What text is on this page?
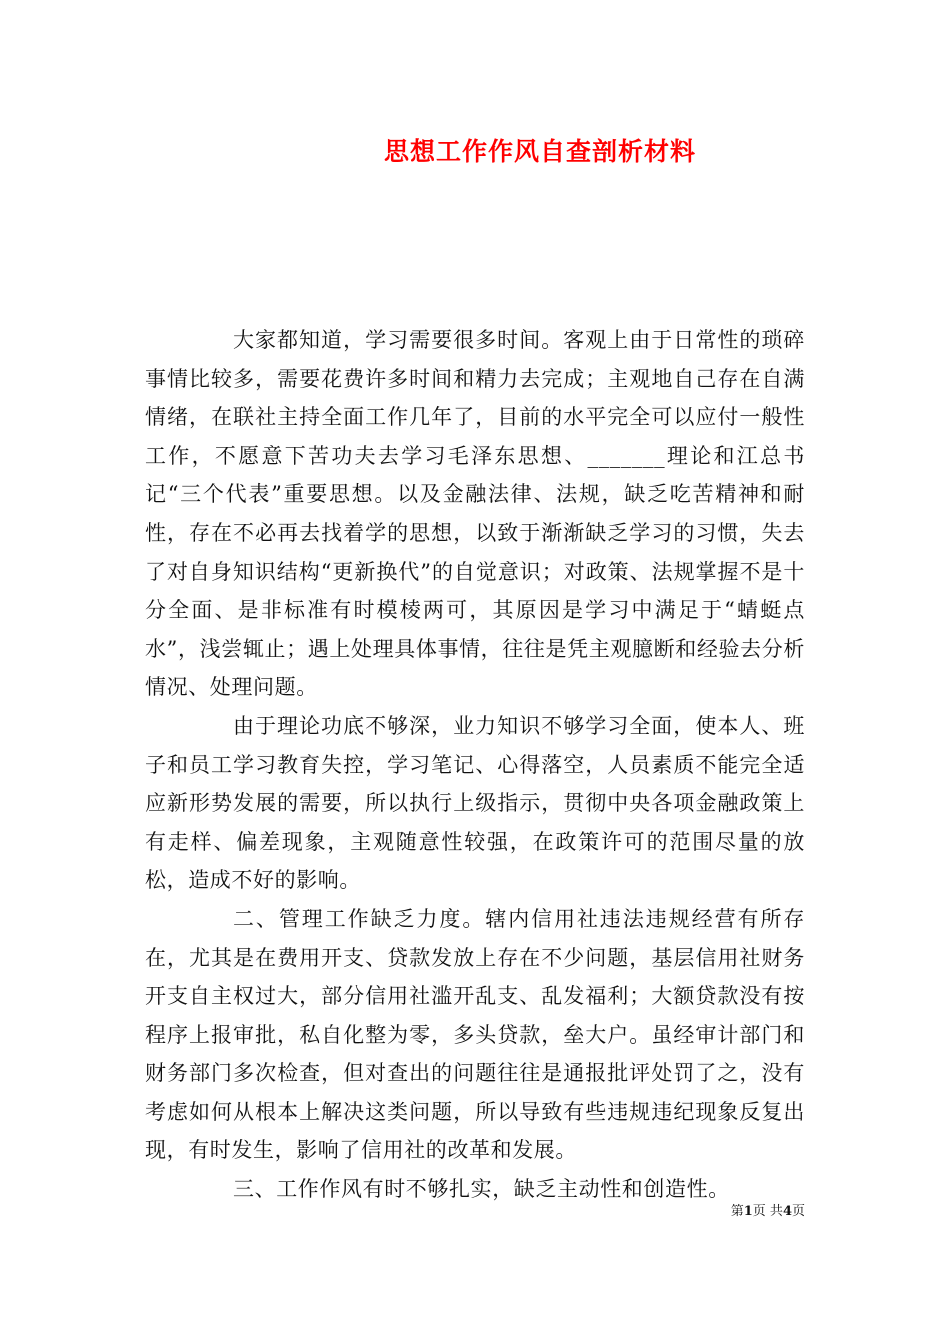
思想工作作风自查剖析材料

大家都知道，学习需要很多时间。客观上由于日常性的琐碎事情比较多，需要花费许多时间和精力去完成；主观地自己存在自满情绪，在联社主持全面工作几年了，目前的水平完全可以应付一般性工作，不愿意下苦功夫去学习毛泽东思想、_______理论和江总书记“三个代表”重要思想。以及金融法律、法规，缺乏吃苦精神和耐性，存在不必再去找着学的思想，以致于渐渐缺乏学习的习惯，失去了对自身知识结构“更新换代”的自觉意识；对政策、法规掌握不是十分全面、是非标准有时模棱两可，其原因是学习中满足于“蜻蜓点水”，浅尝辄止；遇上处理具体事情，往往是凭主观臆断和经验去分析情况、处理问题。

由于理论功底不够深，业力知识不够学习全面，使本人、班子和员工学习教育失控，学习笔记、心得落空，人员素质不能完全适应新形势发展的需要，所以执行上级指示，贯彻中央各项金融政策上有走样、偏差现象，主观随意性较强，在政策许可的范围尽量的放松，造成不好的影响。

二、管理工作缺乏力度。辖内信用社违法违规经营有所存在，尤其是在费用开支、贷款发放上存在不少问题，基层信用社财务开支自主权过大，部分信用社滥开乱支、乱发福利；大额贷款没有按程序上报审批，私自化整为零，多头贷款，垒大户。虽经审计部门和财务部门多次检查，但对查出的问题往往是通报批评处罚了之，没有考虑如何从根本上解决这类问题，所以导致有些违规违纪现象反复出现，有时发生，影响了信用社的改革和发展。

三、工作作风有时不够扎实，缺乏主动性和创造性。

第1页 共4页
